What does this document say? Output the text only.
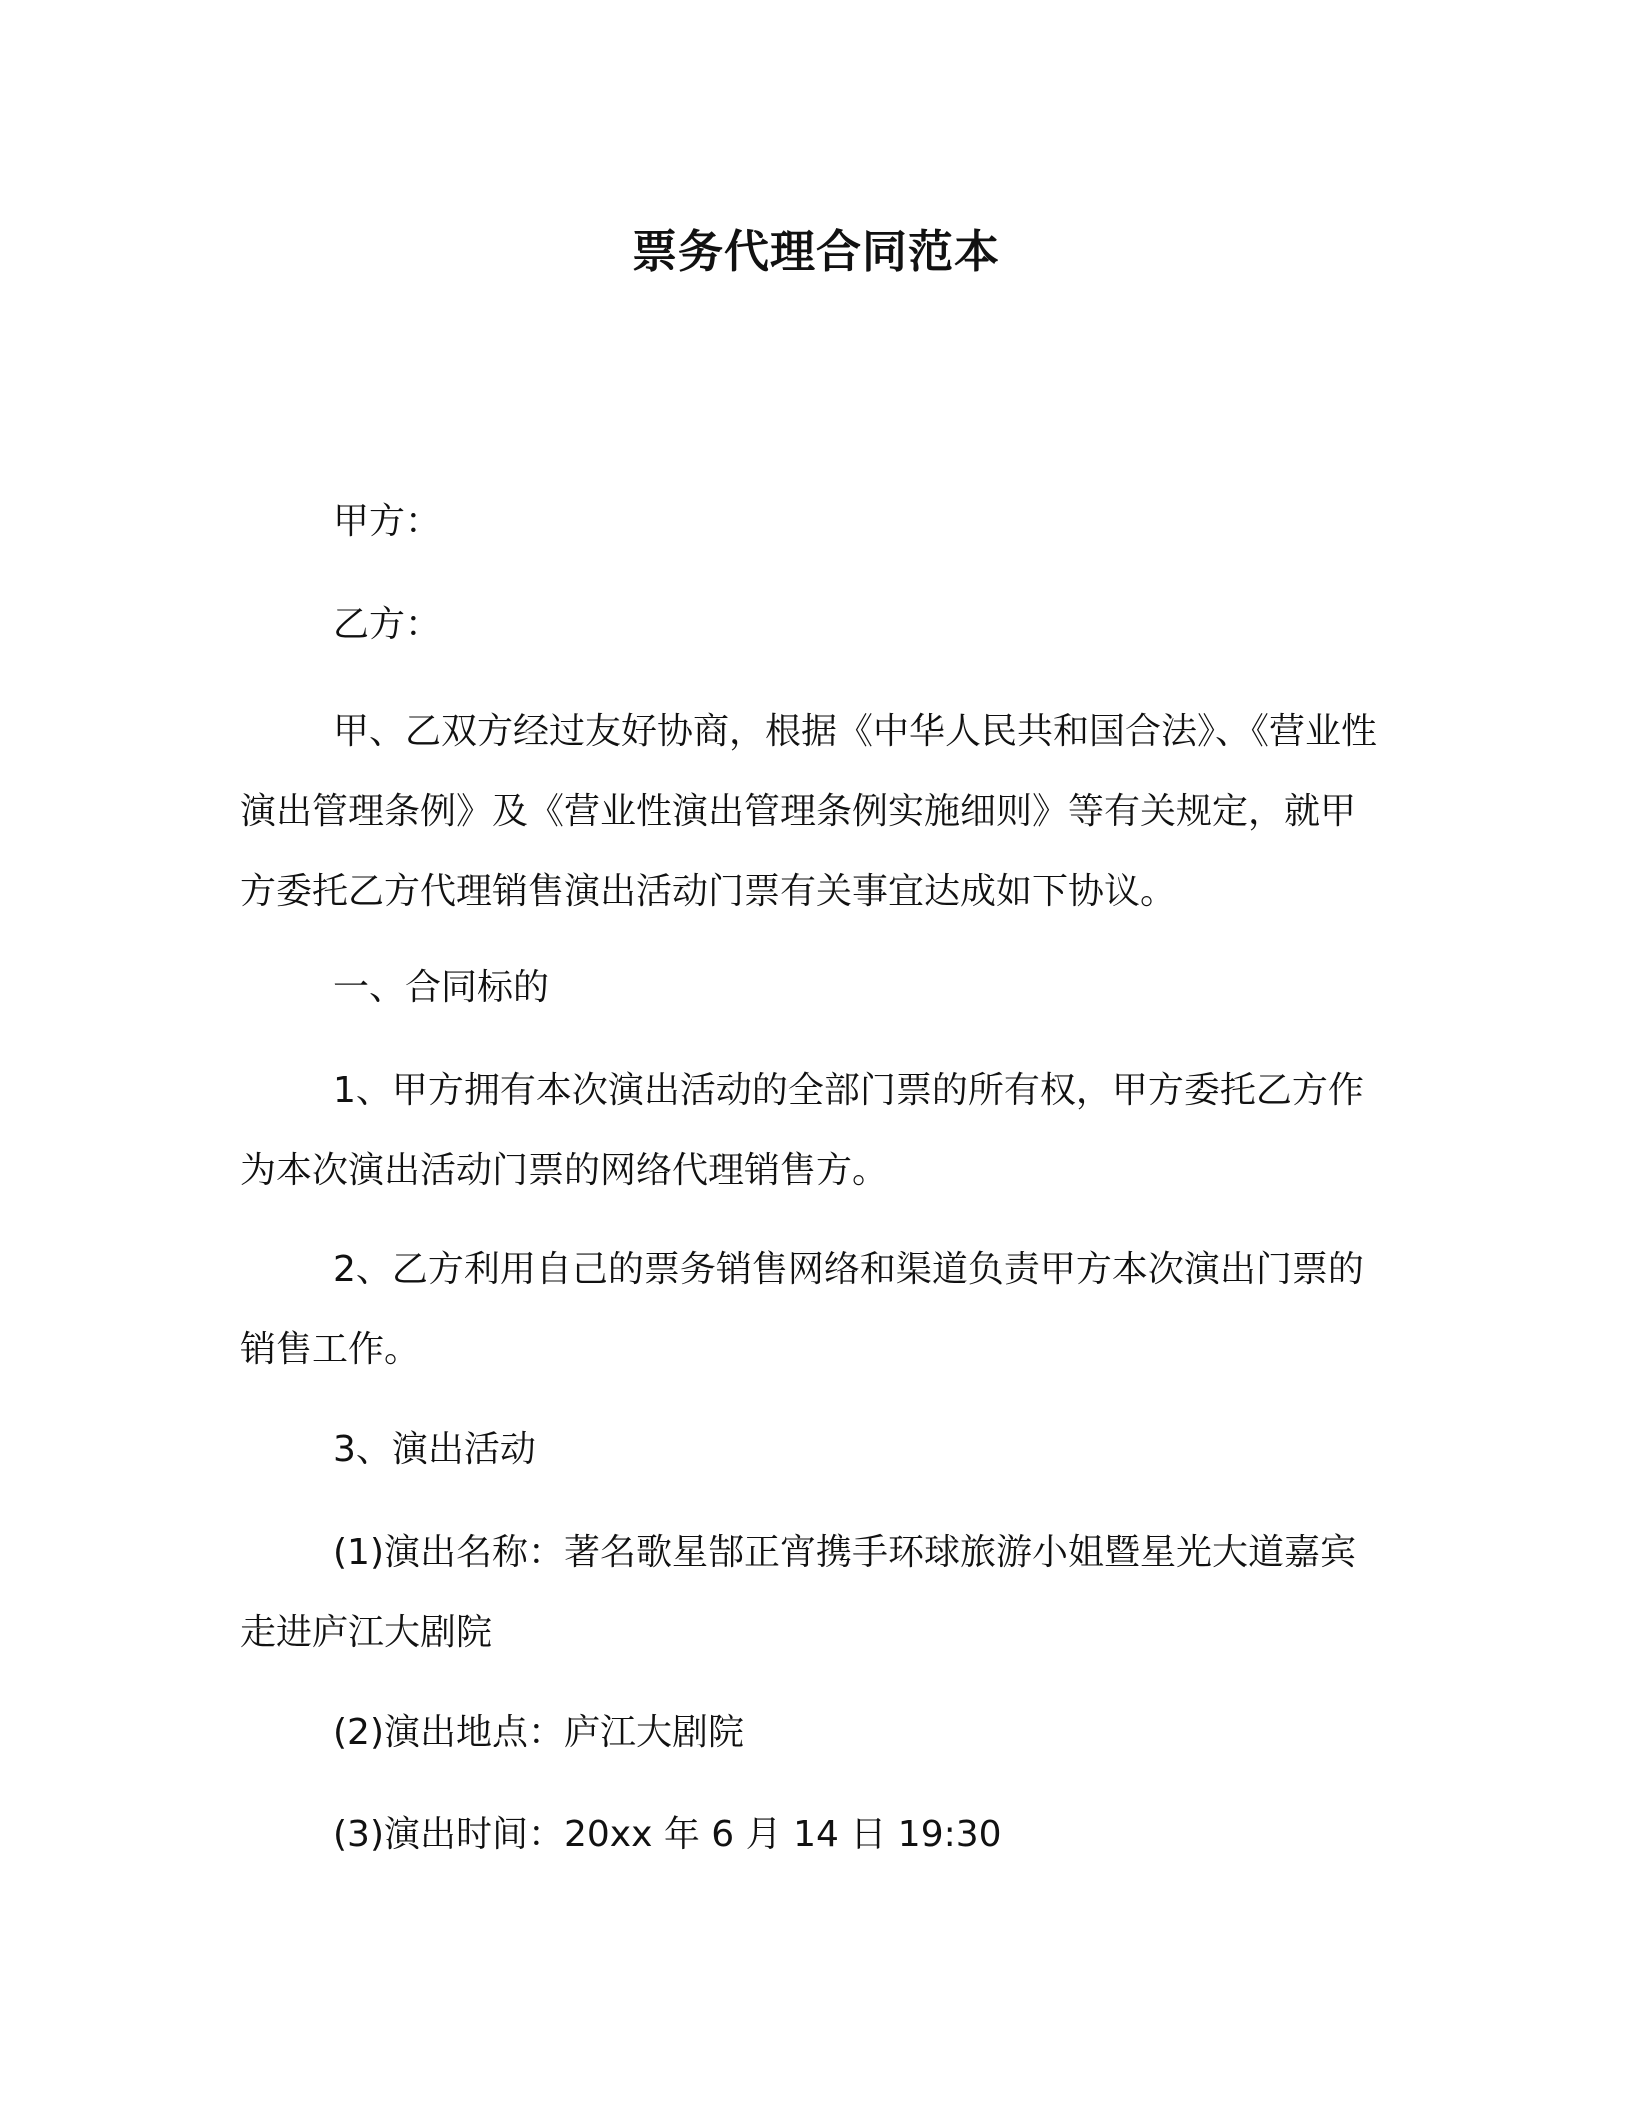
票务代理合同范本
甲方：
乙方：
甲、乙双方经过友好协商，根据《中华人民共和国合法》、《营业性演出管理条例》及《营业性演出管理条例实施细则》等有关规定，就甲方委托乙方代理销售演出活动门票有关事宜达成如下协议。
一、合同标的
1、甲方拥有本次演出活动的全部门票的所有权，甲方委托乙方作为本次演出活动门票的网络代理销售方。
2、乙方利用自己的票务销售网络和渠道负责甲方本次演出门票的销售工作。
3、演出活动
(1)演出名称：著名歌星郜正宵携手环球旅游小姐暨星光大道嘉宾走进庐江大剧院
(2)演出地点：庐江大剧院
(3)演出时间：20xx 年 6 月 14 日 19:30
